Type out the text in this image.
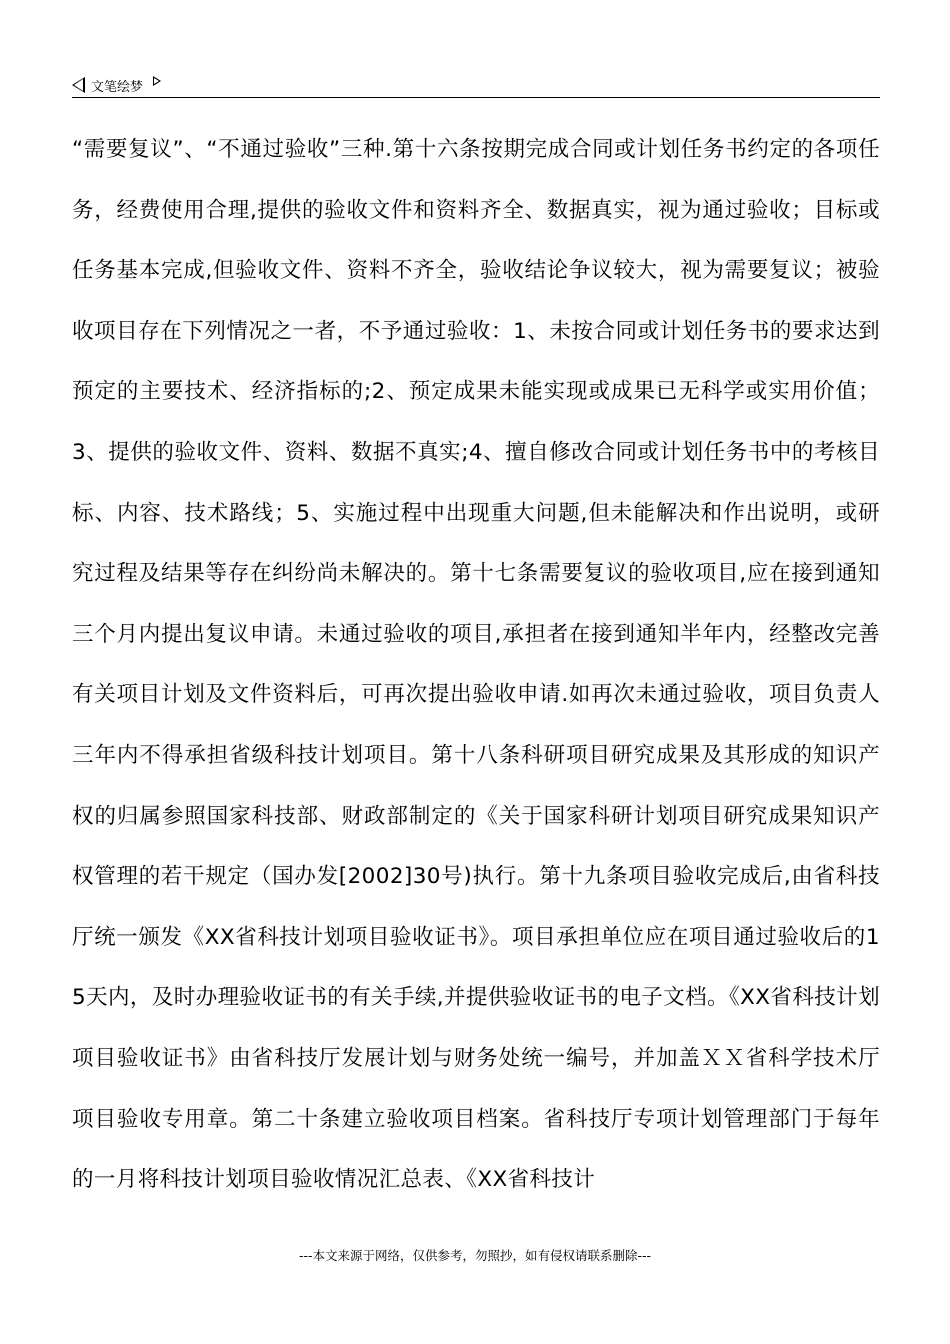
文笔绘梦
“需要复议”、“不通过验收”三种.第十六条按期完成合同或计划任务书约定的各项任务，经费使用合理,提供的验收文件和资料齐全、数据真实，视为通过验收；目标或任务基本完成,但验收文件、资料不齐全，验收结论争议较大，视为需要复议；被验收项目存在下列情况之一者，不予通过验收：1、未按合同或计划任务书的要求达到预定的主要技术、经济指标的;2、预定成果未能实现或成果已无科学或实用价值；3、提供的验收文件、资料、数据不真实;4、擅自修改合同或计划任务书中的考核目标、内容、技术路线；5、实施过程中出现重大问题,但未能解决和作出说明，或研究过程及结果等存在纠纷尚未解决的。第十七条需要复议的验收项目,应在接到通知三个月内提出复议申请。未通过验收的项目,承担者在接到通知半年内，经整改完善有关项目计划及文件资料后，可再次提出验收申请.如再次未通过验收，项目负责人三年内不得承担省级科技计划项目。第十八条科研项目研究成果及其形成的知识产权的归属参照国家科技部、财政部制定的《关于国家科研计划项目研究成果知识产权管理的若干规定（国办发[2002]30号)执行。第十九条项目验收完成后,由省科技厅统一颁发《XX省科技计划项目验收证书》。项目承担单位应在项目通过验收后的15天内，及时办理验收证书的有关手续,并提供验收证书的电子文档。《XX省科技计划项目验收证书》由省科技厅发展计划与财务处统一编号，并加盖ＸＸ省科学技术厅项目验收专用章。第二十条建立验收项目档案。省科技厅专项计划管理部门于每年的一月将科技计划项目验收情况汇总表、《XX省科技计
---本文来源于网络，仅供参考，勿照抄，如有侵权请联系删除---
